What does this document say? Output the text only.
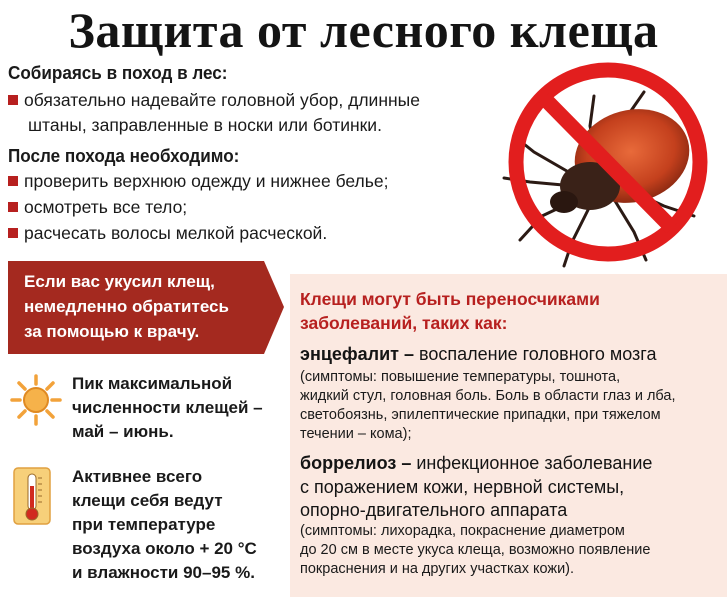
Защита от лесного клеща
Собираясь в поход в лес:
обязательно надевайте головной убор, длинные
штаны, заправленные в носки или ботинки.
После похода необходимо:
проверить верхнюю одежду и нижнее белье;
осмотреть все тело;
расчесать волосы мелкой расческой.
Если вас укусил клещ,
немедленно обратитесь
за помощью к врачу.
Пик максимальной
численности клещей –
май – июнь.
Активнее всего
клещи себя ведут
при температуре
воздуха около + 20 °С
и влажности 90–95 %.
Клещи могут быть переносчиками
заболеваний, таких как:
энцефалит – воспаление головного мозга
(симптомы: повышение температуры, тошнота,
жидкий стул, головная боль. Боль в области глаз и лба,
светобоязнь, эпилептические припадки, при тяжелом
течении – кома);
боррелиоз – инфекционное заболевание
с поражением кожи, нервной системы,
опорно-двигательного аппарата
(симптомы: лихорадка, покраснение диаметром
до 20 см в месте укуса клеща, возможно появление
покраснения и на других участках кожи).
